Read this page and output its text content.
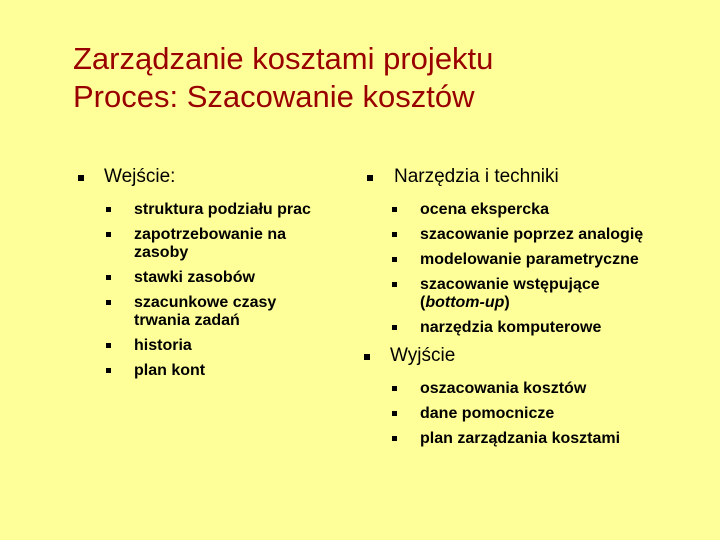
Zarządzanie kosztami projektu
Proces: Szacowanie kosztów
Wejście:
struktura podziału prac
zapotrzebowanie na zasoby
stawki zasobów
szacunkowe czasy trwania zadań
historia
plan kont
Narzędzia i techniki
ocena ekspercka
szacowanie poprzez analogię
modelowanie parametryczne
szacowanie wstępujące
(bottom-up)
narzędzia komputerowe
Wyjście
oszacowania kosztów
dane pomocnicze
plan zarządzania kosztami
